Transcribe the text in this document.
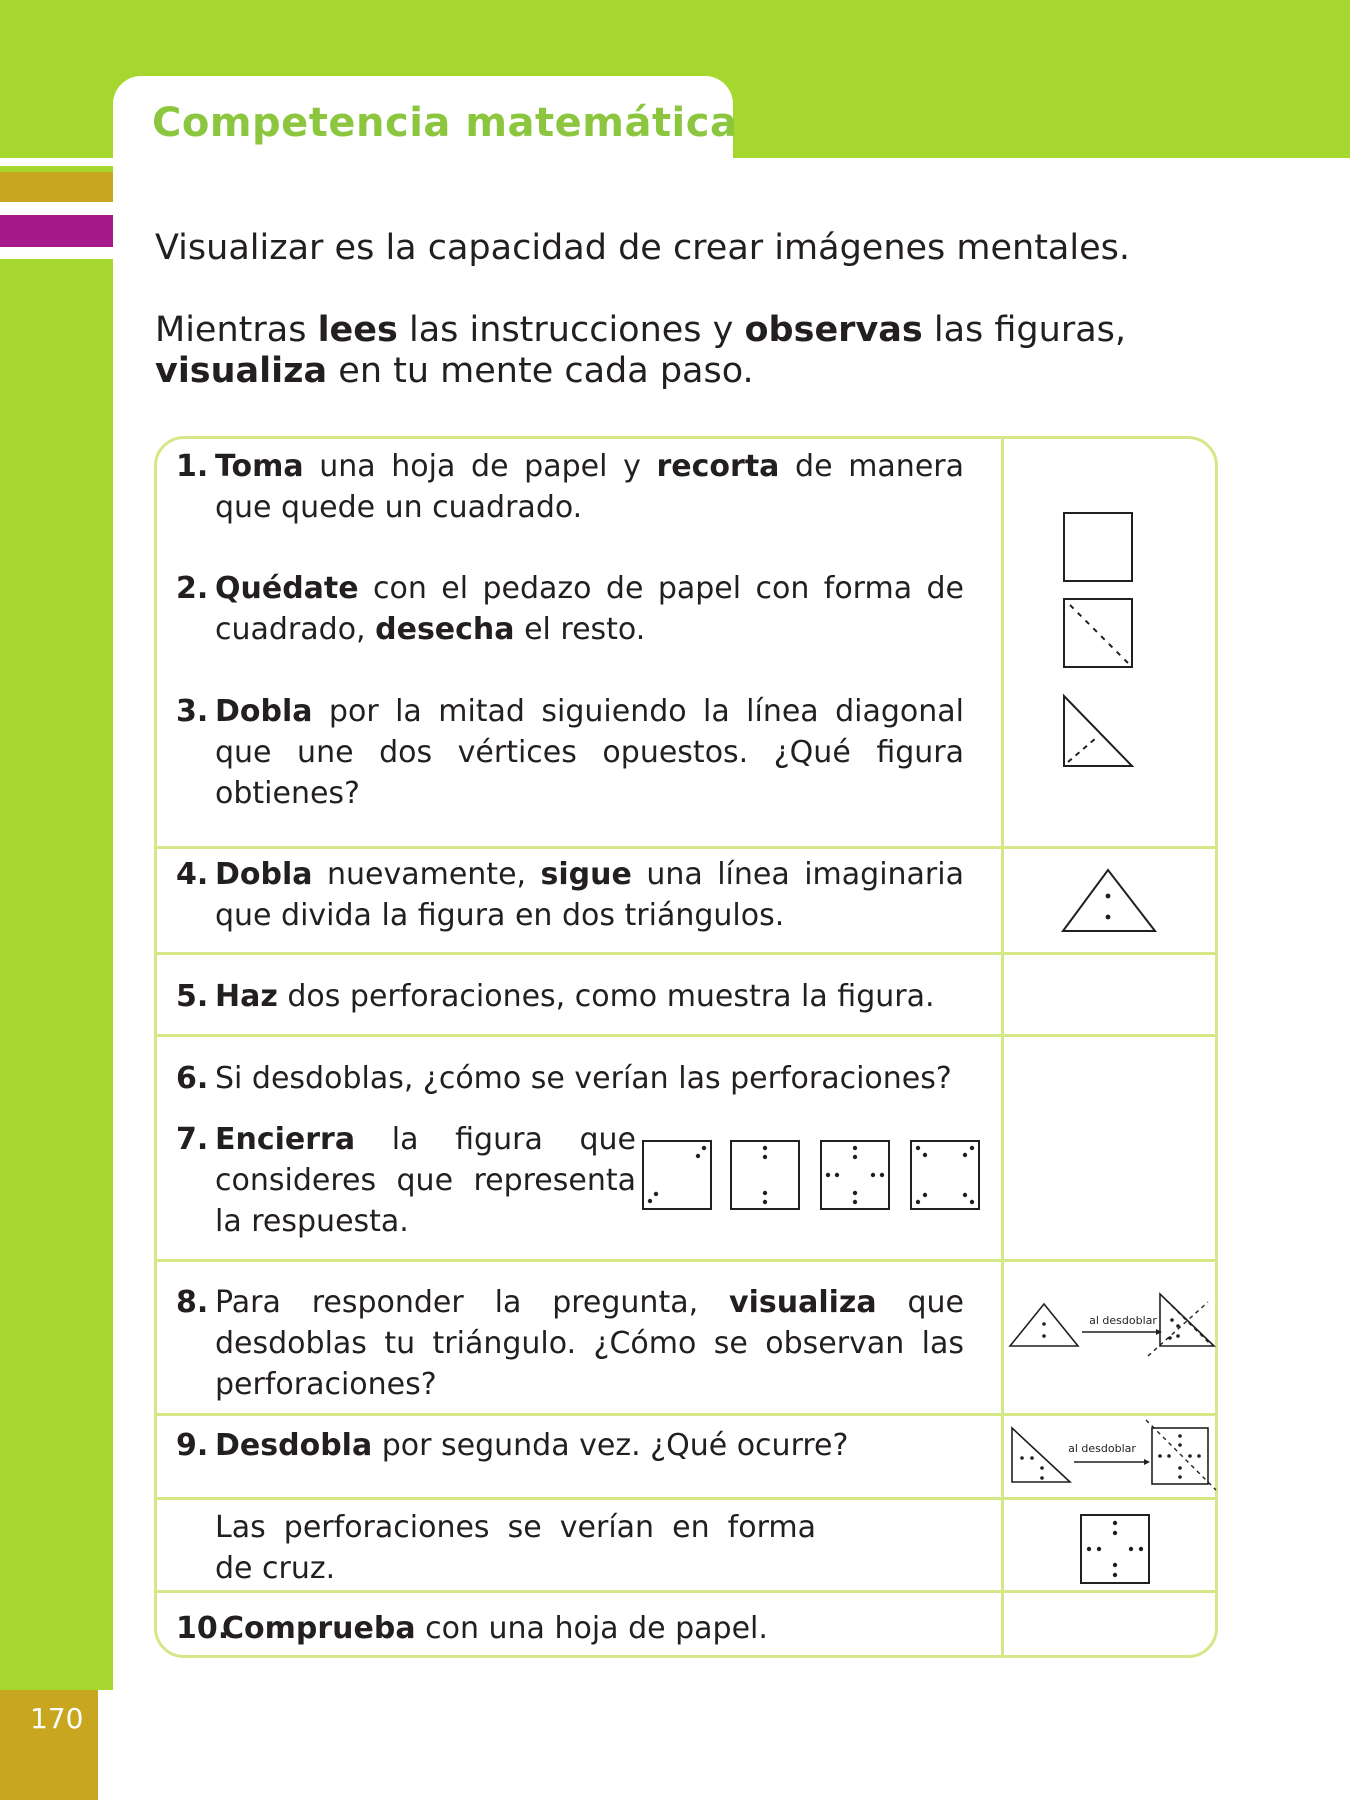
Competencia matemática
170
Visualizar es la capacidad de crear imágenes mentales.
Mientras lees las instrucciones y observas las figuras, visualiza en tu mente cada paso.
1. Toma una hoja de papel y recorta de manera que quede un cuadrado.
2. Quédate con el pedazo de papel con forma de cuadrado, desecha el resto.
3. Dobla por la mitad siguiendo la línea diagonal que une dos vértices opuestos. ¿Qué figura obtienes?
4. Dobla nuevamente, sigue una línea imaginaria que divida la figura en dos triángulos.
5. Haz dos perforaciones, como muestra la figura.
6. Si desdoblas, ¿cómo se verían las perforaciones?
7. Encierra la figura que consideres que representa la respuesta.
8. Para responder la pregunta, visualiza que desdoblas tu triángulo. ¿Cómo se observan las perforaciones?
9. Desdobla por segunda vez. ¿Qué ocurre?
Las perforaciones se verían en forma de cruz.
10.
Comprueba con una hoja de papel.
al desdoblar
al desdoblar
